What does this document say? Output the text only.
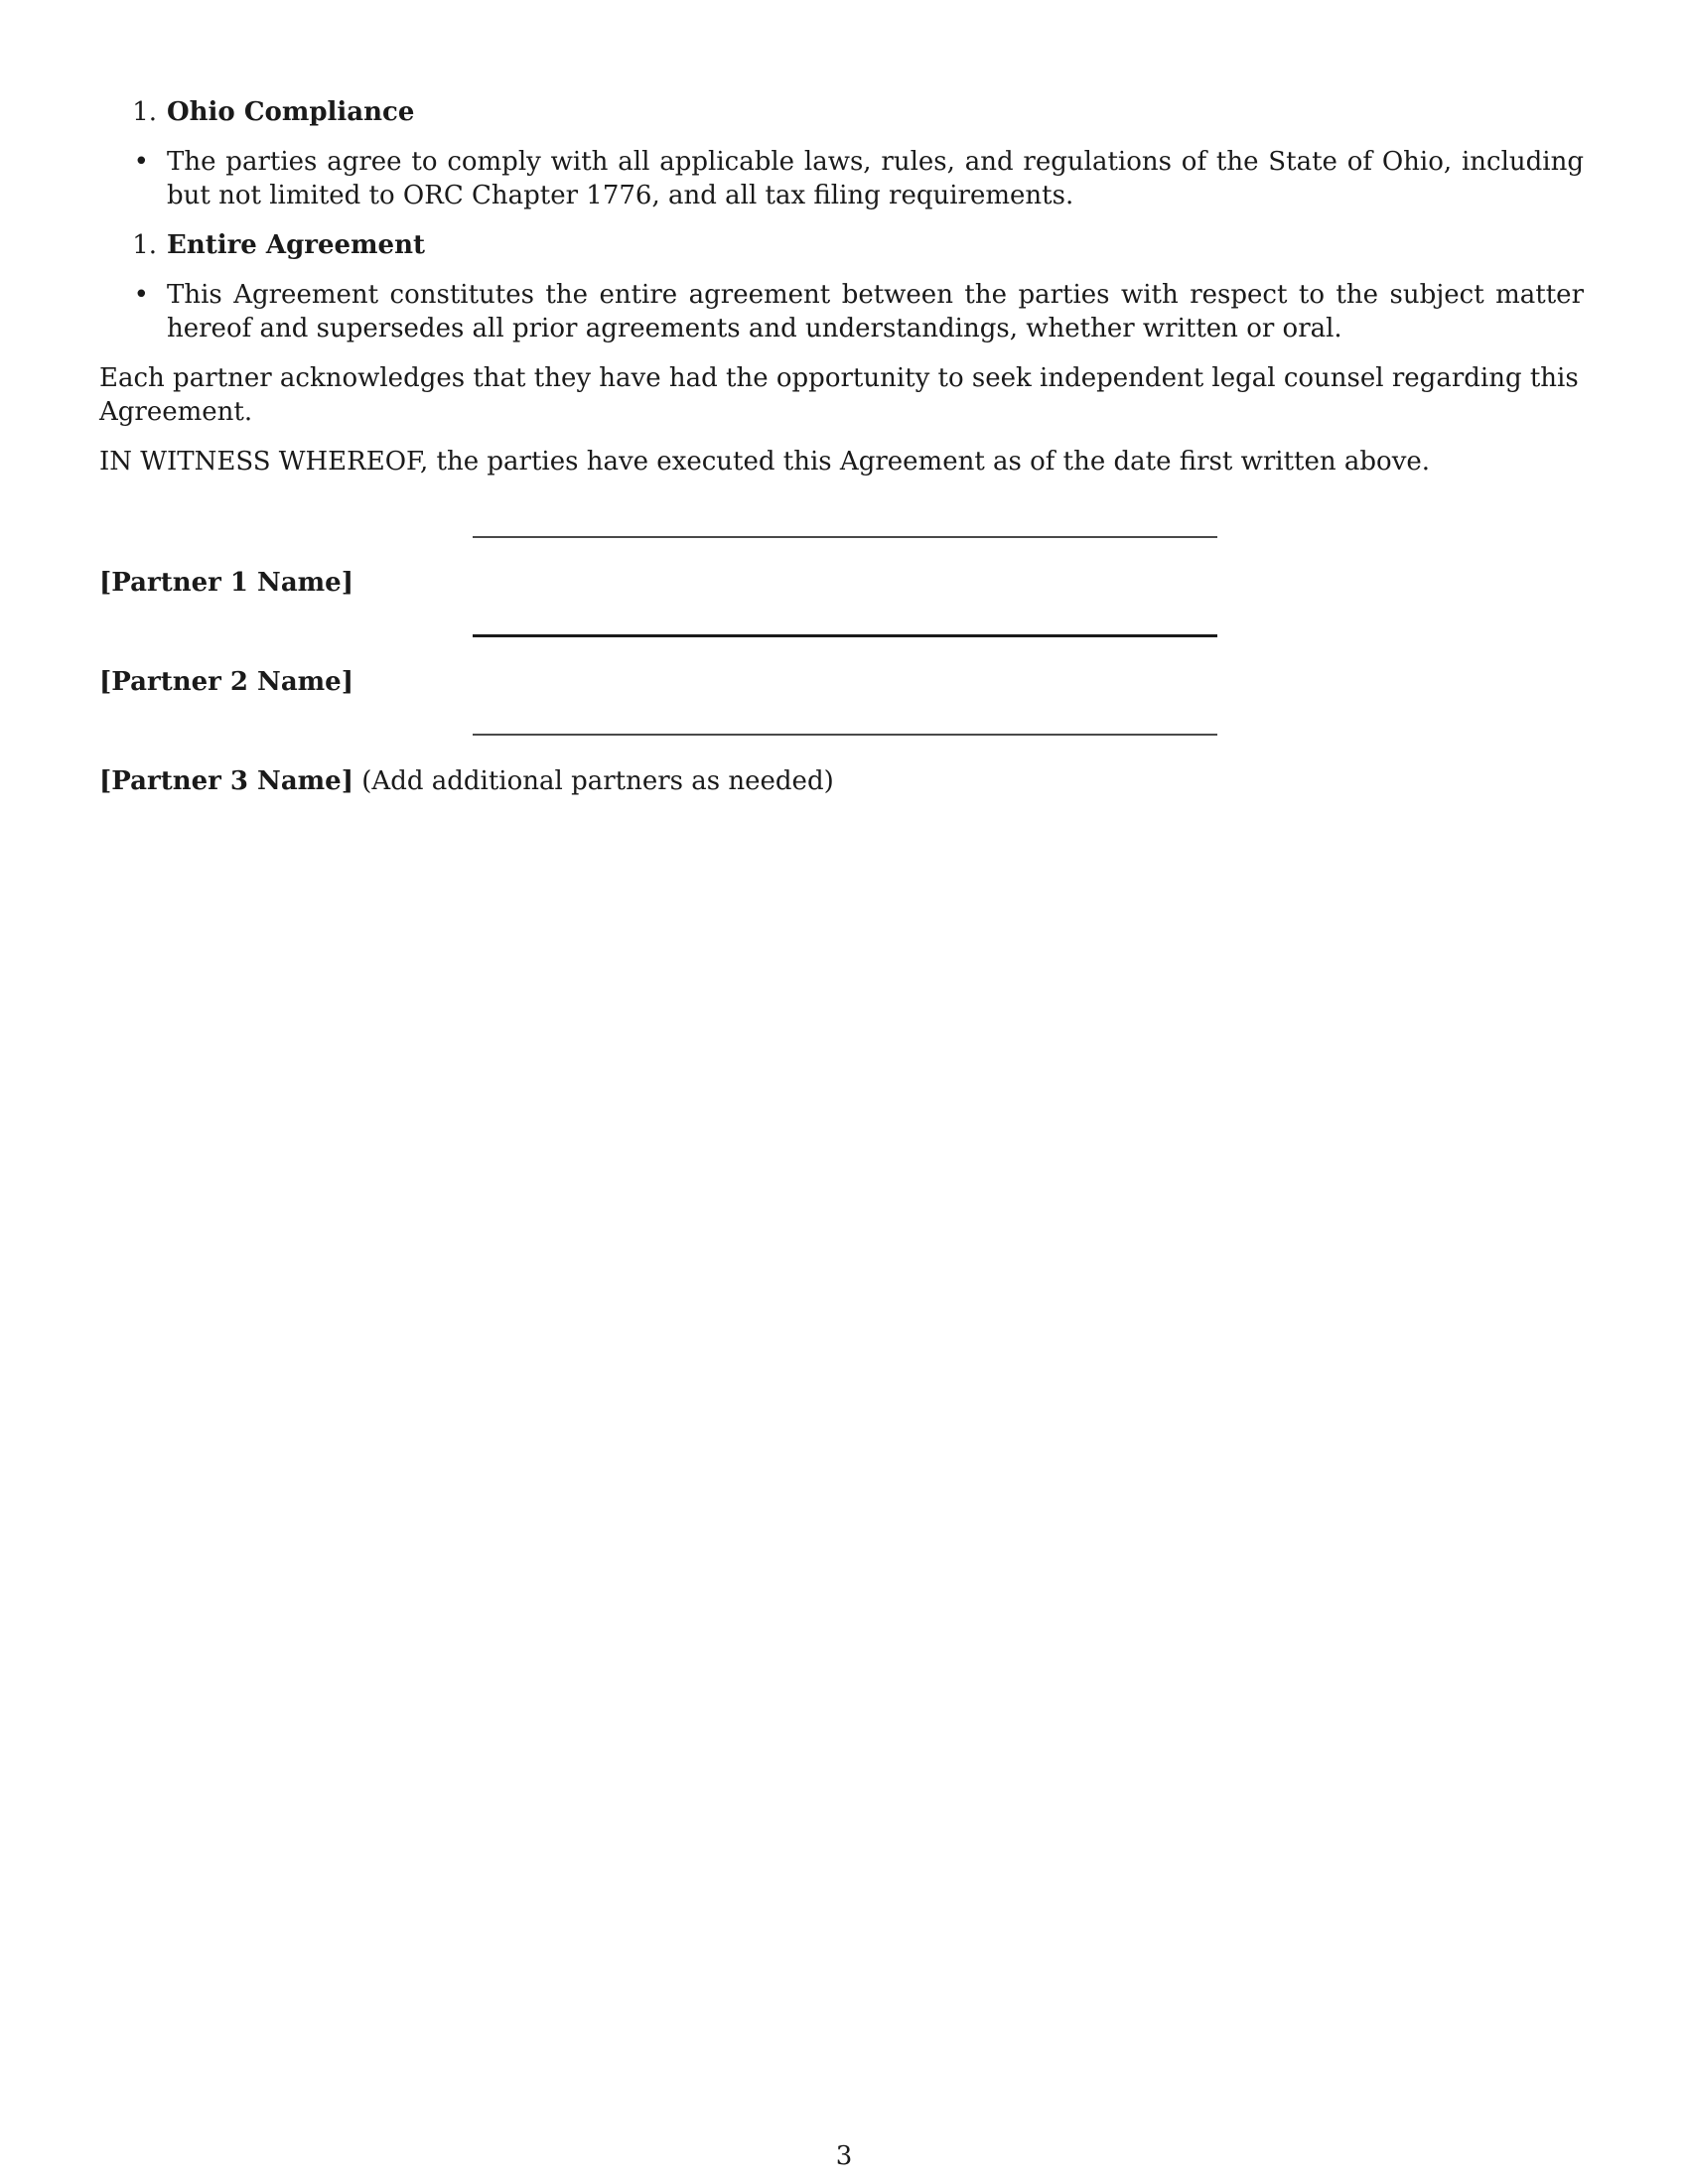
1. Ohio Compliance
• The parties agree to comply with all applicable laws, rules, and regulations of the State of Ohio, including but not limited to ORC Chapter 1776, and all tax filing requirements.
1. Entire Agreement
• This Agreement constitutes the entire agreement between the parties with respect to the subject matter hereof and supersedes all prior agreements and understandings, whether written or oral.
Each partner acknowledges that they have had the opportunity to seek independent legal counsel regarding this Agreement.
IN WITNESS WHEREOF, the parties have executed this Agreement as of the date first written above.
[Partner 1 Name]
[Partner 2 Name]
[Partner 3 Name] (Add additional partners as needed)
3
